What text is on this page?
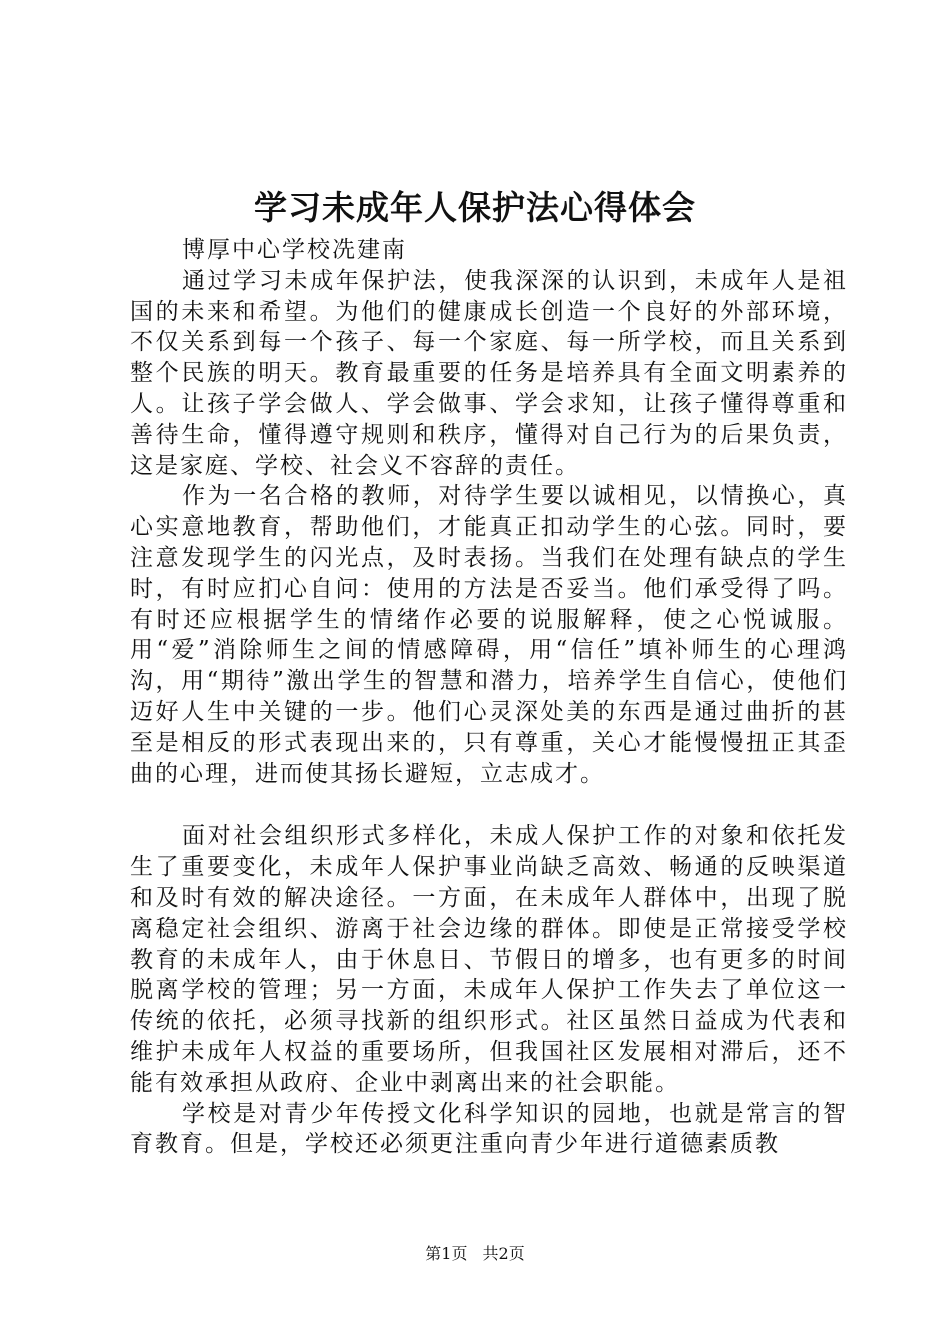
学习未成年人保护法心得体会

博厚中心学校冼建南

通过学习未成年保护法，使我深深的认识到，未成年人是祖国的未来和希望。为他们的健康成长创造一个良好的外部环境，不仅关系到每一个孩子、每一个家庭、每一所学校，而且关系到整个民族的明天。教育最重要的任务是培养具有全面文明素养的人。让孩子学会做人、学会做事、学会求知，让孩子懂得尊重和善待生命，懂得遵守规则和秩序，懂得对自己行为的后果负责，这是家庭、学校、社会义不容辞的责任。

作为一名合格的教师，对待学生要以诚相见，以情换心，真心实意地教育，帮助他们，才能真正扣动学生的心弦。同时，要注意发现学生的闪光点，及时表扬。当我们在处理有缺点的学生时，有时应扪心自问：使用的方法是否妥当。他们承受得了吗。有时还应根据学生的情绪作必要的说服解释，使之心悦诚服。用“爱”消除师生之间的情感障碍，用“信任”填补师生的心理鸿沟，用“期待”激出学生的智慧和潜力，培养学生自信心，使他们迈好人生中关键的一步。他们心灵深处美的东西是通过曲折的甚至是相反的形式表现出来的，只有尊重，关心才能慢慢扭正其歪曲的心理，进而使其扬长避短，立志成才。

面对社会组织形式多样化，未成人保护工作的对象和依托发生了重要变化，未成年人保护事业尚缺乏高效、畅通的反映渠道和及时有效的解决途径。一方面，在未成年人群体中，出现了脱离稳定社会组织、游离于社会边缘的群体。即使是正常接受学校教育的未成年人，由于休息日、节假日的增多，也有更多的时间脱离学校的管理；另一方面，未成年人保护工作失去了单位这一传统的依托，必须寻找新的组织形式。社区虽然日益成为代表和维护未成年人权益的重要场所，但我国社区发展相对滞后，还不能有效承担从政府、企业中剥离出来的社会职能。

学校是对青少年传授文化科学知识的园地，也就是常言的智育教育。但是，学校还必须更注重向青少年进行道德素质教

第1页 共2页
